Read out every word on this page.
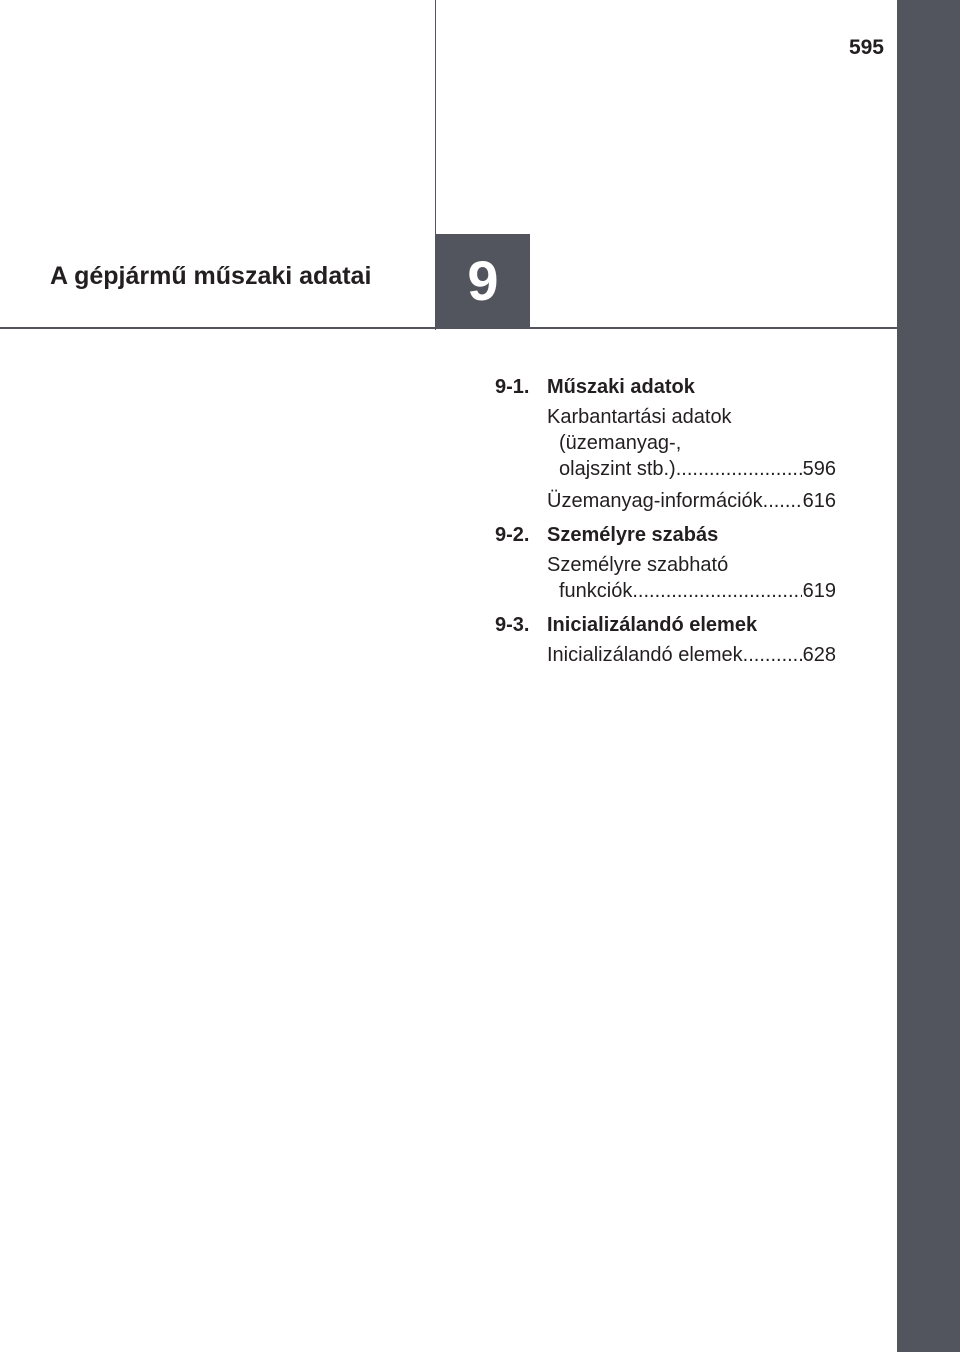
595
A gépjármű műszaki adatai	9
9-1. Műszaki adatok
Karbantartási adatok
(üzemanyag-,
olajszint stb.) .....	596
Üzemanyag-információk ..... 616
9-2. Személyre szabás
Személyre szabható
funkciók .....	619
9-3. Inicializálandó elemek
Inicializálandó elemek .....	628
